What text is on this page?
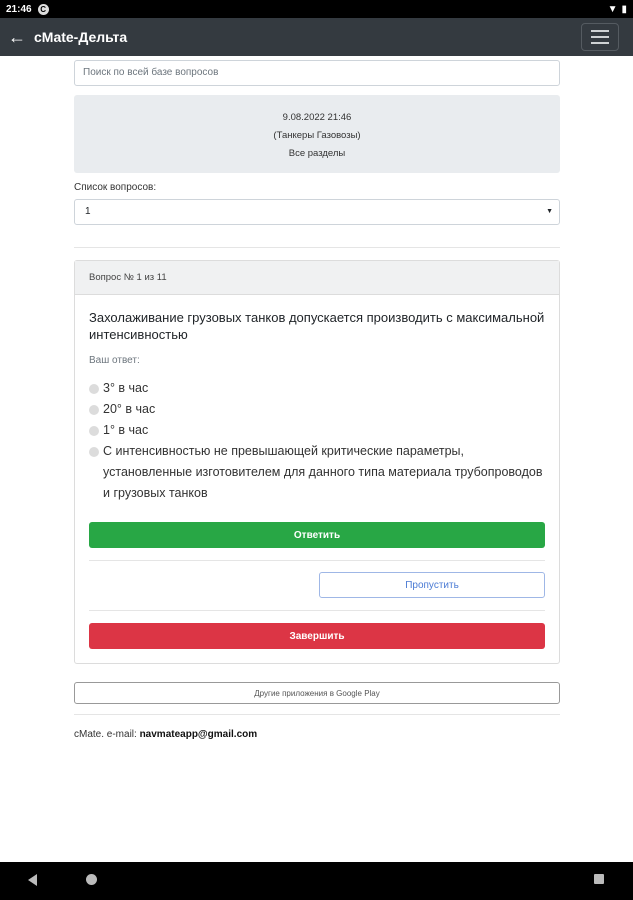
21:46	C	▼ ▮
← cMate-Дельта
Поиск по всей базе вопросов
9.08.2022 21:46
(Танкеры Газовозы)
Все разделы
Список вопросов:
1	▼
Вопрос № 1 из 11
Захолаживание грузовых танков допускается производить с максимальной интенсивностью
Ваш ответ:
3° в час
20° в час
1° в час
С интенсивностью не превышающей критические параметры, установленные изготовителем для данного типа материала трубопроводов и грузовых танков
Ответить
Пропустить
Завершить
Другие приложения в Google Play
cMate. e-mail: navmateapp@gmail.com
